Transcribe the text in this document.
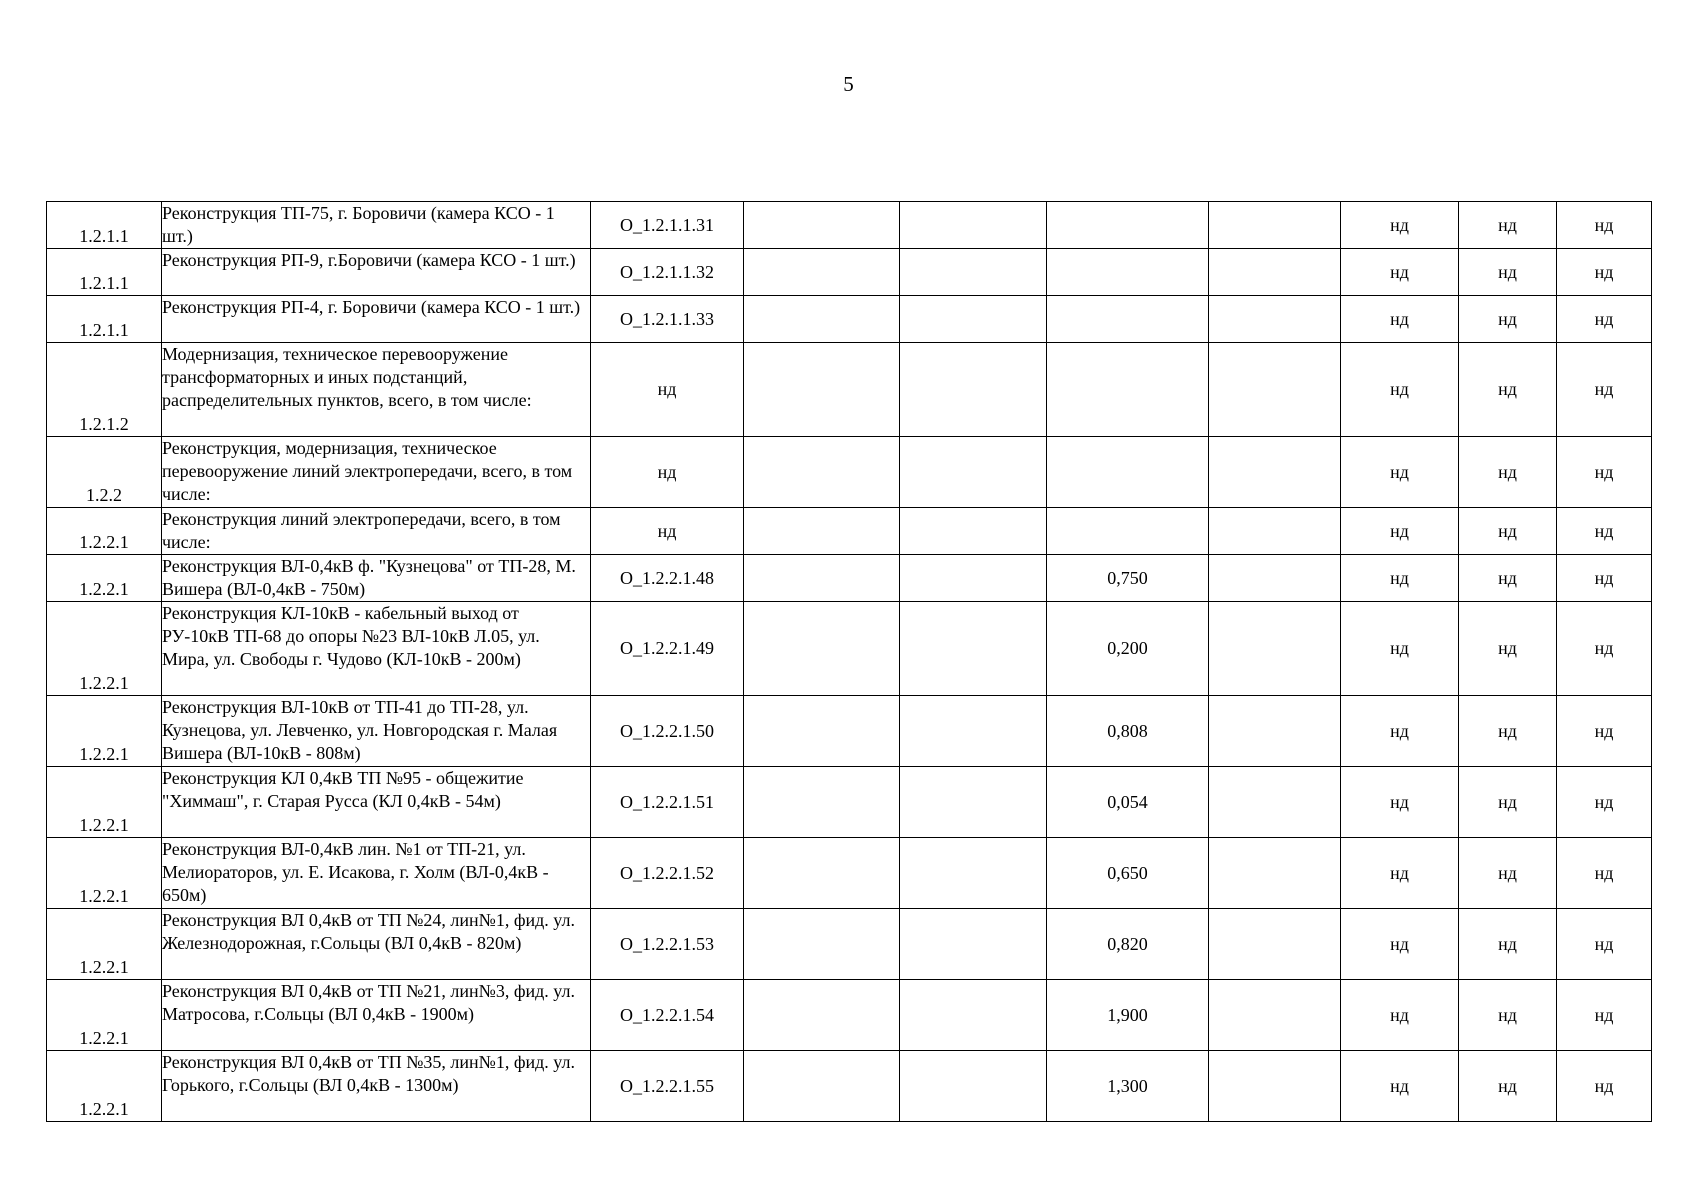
5
1.2.1.1	Реконструкция ТП-75, г. Боровичи (камера КСО - 1 шт.)	О_1.2.1.1.31					нд	нд	нд
1.2.1.1	Реконструкция РП-9, г.Боровичи (камера КСО - 1 шт.)	О_1.2.1.1.32					нд	нд	нд
1.2.1.1	Реконструкция РП-4, г. Боровичи (камера КСО - 1 шт.)	О_1.2.1.1.33					нд	нд	нд
1.2.1.2	Модернизация, техническое перевооружение трансформаторных и иных подстанций, распределительных пунктов, всего, в том числе:	нд					нд	нд	нд
1.2.2	Реконструкция, модернизация, техническое перевооружение линий электропередачи, всего, в том числе:	нд					нд	нд	нд
1.2.2.1	Реконструкция линий электропередачи, всего, в том числе:	нд					нд	нд	нд
1.2.2.1	Реконструкция ВЛ-0,4кВ ф. "Кузнецова" от ТП-28, М. Вишера (ВЛ-0,4кВ - 750м)	О_1.2.2.1.48			0,750		нд	нд	нд
1.2.2.1	Реконструкция КЛ-10кВ - кабельный выход от РУ-10кВ ТП-68 до опоры №23 ВЛ-10кВ Л.05, ул. Мира, ул. Свободы г. Чудово (КЛ-10кВ - 200м)	О_1.2.2.1.49			0,200		нд	нд	нд
1.2.2.1	Реконструкция ВЛ-10кВ от ТП-41 до ТП-28, ул. Кузнецова, ул. Левченко, ул. Новгородская г. Малая Вишера (ВЛ-10кВ - 808м)	О_1.2.2.1.50			0,808		нд	нд	нд
1.2.2.1	Реконструкция КЛ 0,4кВ ТП №95 - общежитие "Химмаш", г. Старая Русса (КЛ 0,4кВ - 54м)	О_1.2.2.1.51			0,054		нд	нд	нд
1.2.2.1	Реконструкция ВЛ-0,4кВ лин. №1 от ТП-21, ул. Мелиораторов, ул. Е. Исакова, г. Холм (ВЛ-0,4кВ - 650м)	О_1.2.2.1.52			0,650		нд	нд	нд
1.2.2.1	Реконструкция ВЛ 0,4кВ от ТП №24, лин№1, фид. ул. Железнодорожная, г.Сольцы (ВЛ 0,4кВ - 820м)	О_1.2.2.1.53			0,820		нд	нд	нд
1.2.2.1	Реконструкция ВЛ 0,4кВ от ТП №21, лин№3, фид. ул. Матросова, г.Сольцы (ВЛ 0,4кВ - 1900м)	О_1.2.2.1.54			1,900		нд	нд	нд
1.2.2.1	Реконструкция ВЛ 0,4кВ от ТП №35, лин№1, фид. ул. Горького, г.Сольцы (ВЛ 0,4кВ - 1300м)	О_1.2.2.1.55			1,300		нд	нд	нд
